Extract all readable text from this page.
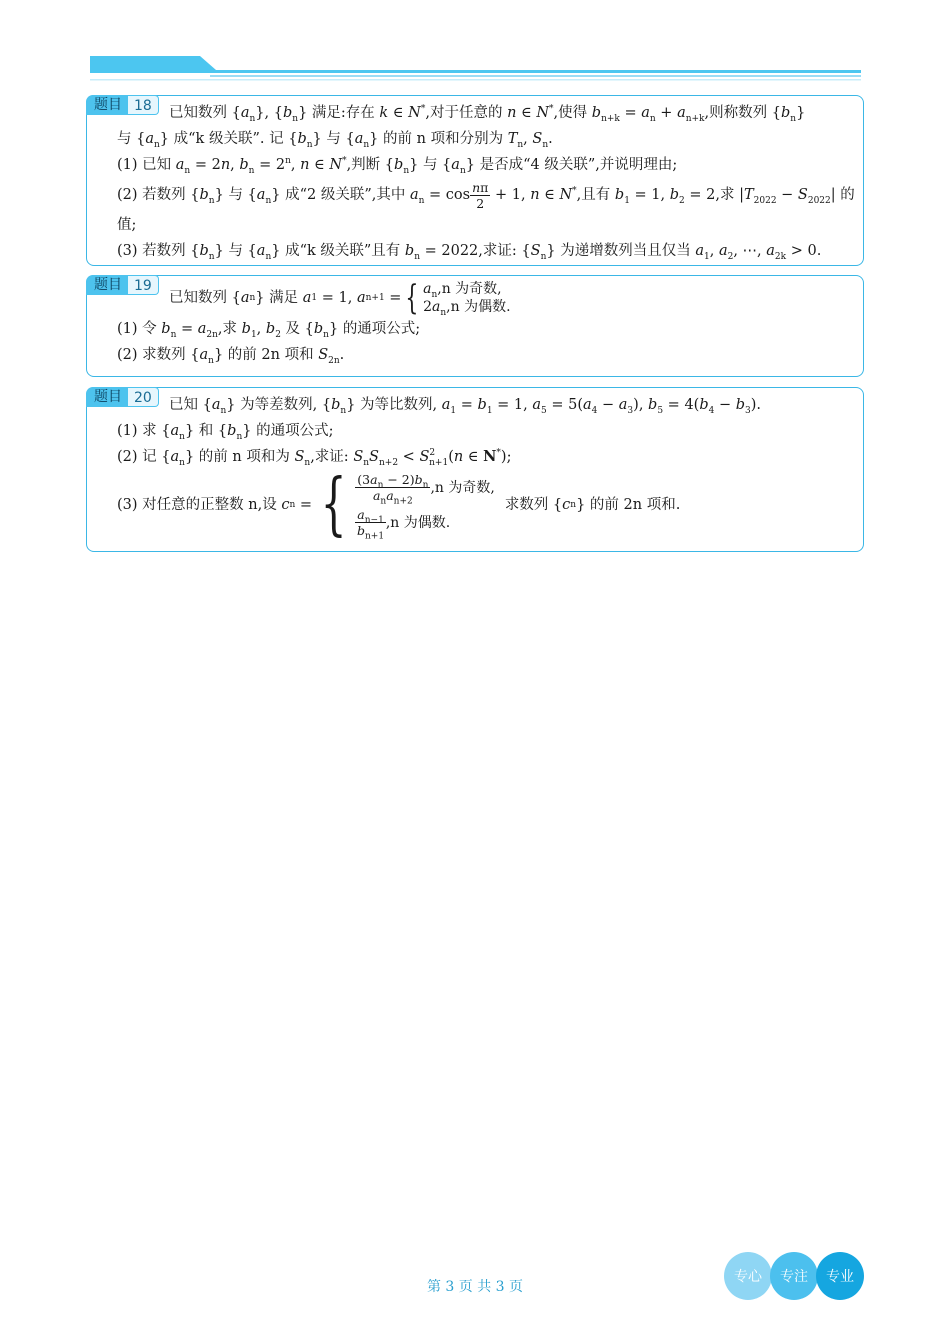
题目 18	已知数列 $\{a_n\}$, $\{b_n\}$ 满足:存在 k ∈ N*,对于任意的 n ∈ N*,使得 $b_{n+k} = a_n + a_{n+k}$,则称数列 $\{b_n\}$
与 $\{a_n\}$ 成“k 级关联”. 记 $\{b_n\}$ 与 $\{a_n\}$ 的前 n 项和分别为 $T_n$, $S_n$.
(1) 已知 $a_n = 2n$, $b_n = 2^n$, n ∈ N*,判断 $\{b_n\}$ 与 $\{a_n\}$ 是否成“4 级关联”,并说明理由;
(2) 若数列 $\{b_n\}$ 与 $\{a_n\}$ 成“2 级关联”,其中 $a_n = \cos \frac{n\pi}{2} + 1$, n ∈ N*,且有 $b_1 = 1$, $b_2 = 2$,求 $|T_{2022} - S_{2022}|$ 的
值;
(3) 若数列 $\{b_n\}$ 与 $\{a_n\}$ 成“k 级关联”且有 $b_n = 2022$,求证: $\{S_n\}$ 为递增数列当且仅当 $a_1$, $a_2$, ⋯, $a_{2k} > 0$.
题目 19
已知数列 { a n } 满足
a 1 = 1, a n+1 = { $a_n,n$ 为奇数,
$2a_n,n$ 为偶数.
(1) 令 $b_n = a_{2n}$,求 $b_1$, $b_2$ 及 $\{b_n\}$ 的通项公式;
(2) 求数列 $\{a_n\}$ 的前 2n 项和 $S_{2n}$.
题目 20	已知 $\{a_n\}$ 为等差数列, $\{b_n\}$ 为等比数列, $a_1 = b_1 = 1$, $a_5 = 5(a_4 - a_3)$, $b_5 = 4(b_4 - b_3)$.
(1) 求 $\{a_n\}$ 和 $\{b_n\}$ 的通项公式;
(2) 记 $\{a_n\}$ 的前 n 项和为 $S_n$,求证: $S_nS_{n+2} < S^2_{n+1}(n$ ∈ N*);
(3) 对任意的正整数 n,设
c n = { $\frac{(3a_n - 2)b_n}{a_na_{n+2}} ,n$ 为奇数,
$\frac{a_{n-1}}{b_{n+1}} ,n$ 为偶数.
求数列 { c n } 的前 2n 项和.
第 3 页 共 3 页
专心	专注	专业
